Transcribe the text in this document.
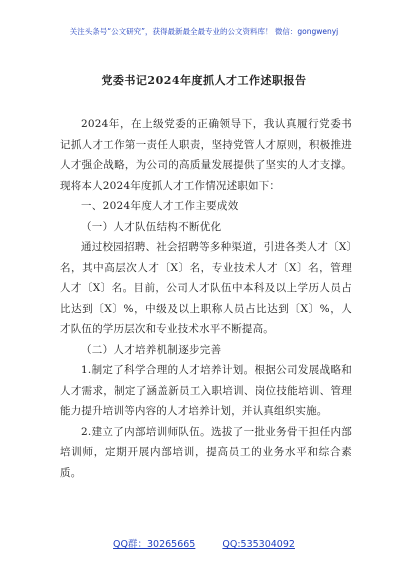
关注头条号“公文研究”，获得最新最全最专业的公文资料库！ 微信：gongwenyj
党委书记2024年度抓人才工作述职报告

2024年，在上级党委的正确领导下，我认真履行党委书记抓人才工作第一责任人职责，坚持党管人才原则，积极推进人才强企战略，为公司的高质量发展提供了坚实的人才支撑。现将本人2024年度抓人才工作情况述职如下：

一、2024年度人才工作主要成效

（一）人才队伍结构不断优化

通过校园招聘、社会招聘等多种渠道，引进各类人才〔X〕名，其中高层次人才〔X〕名，专业技术人才〔X〕名，管理人才〔X〕名。目前，公司人才队伍中本科及以上学历人员占比达到〔X〕%，中级及以上职称人员占比达到〔X〕%，人才队伍的学历层次和专业技术水平不断提高。

（二）人才培养机制逐步完善

1.制定了科学合理的人才培养计划。根据公司发展战略和人才需求，制定了涵盖新员工入职培训、岗位技能培训、管理能力提升培训等内容的人才培养计划，并认真组织实施。

2.建立了内部培训师队伍。选拔了一批业务骨干担任内部培训师，定期开展内部培训，提高员工的业务水平和综合素质。

QQ群：30265665	QQ:535304092
